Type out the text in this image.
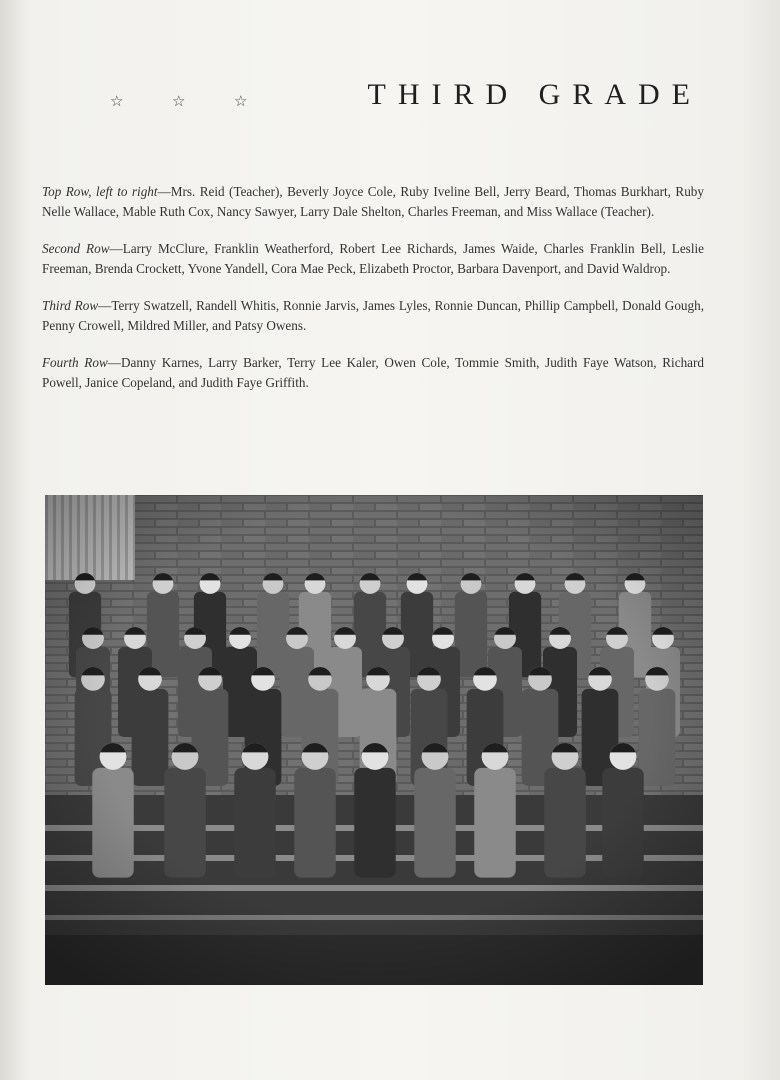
☆	☆	☆	THIRD GRADE

Top Row, left to right—Mrs. Reid (Teacher), Beverly Joyce Cole, Ruby Iveline Bell, Jerry Beard, Thomas Burkhart, Ruby Nelle Wallace, Mable Ruth Cox, Nancy Sawyer, Larry Dale Shelton, Charles Freeman, and Miss Wallace (Teacher).

Second Row—Larry McClure, Franklin Weatherford, Robert Lee Richards, James Waide, Charles Franklin Bell, Leslie Freeman, Brenda Crockett, Yvone Yandell, Cora Mae Peck, Elizabeth Proctor, Barbara Davenport, and David Waldrop.

Third Row—Terry Swatzell, Randell Whitis, Ronnie Jarvis, James Lyles, Ronnie Duncan, Phillip Campbell, Donald Gough, Penny Crowell, Mildred Miller, and Patsy Owens.

Fourth Row—Danny Karnes, Larry Barker, Terry Lee Kaler, Owen Cole, Tommie Smith, Judith Faye Watson, Richard Powell, Janice Copeland, and Judith Faye Griffith.
